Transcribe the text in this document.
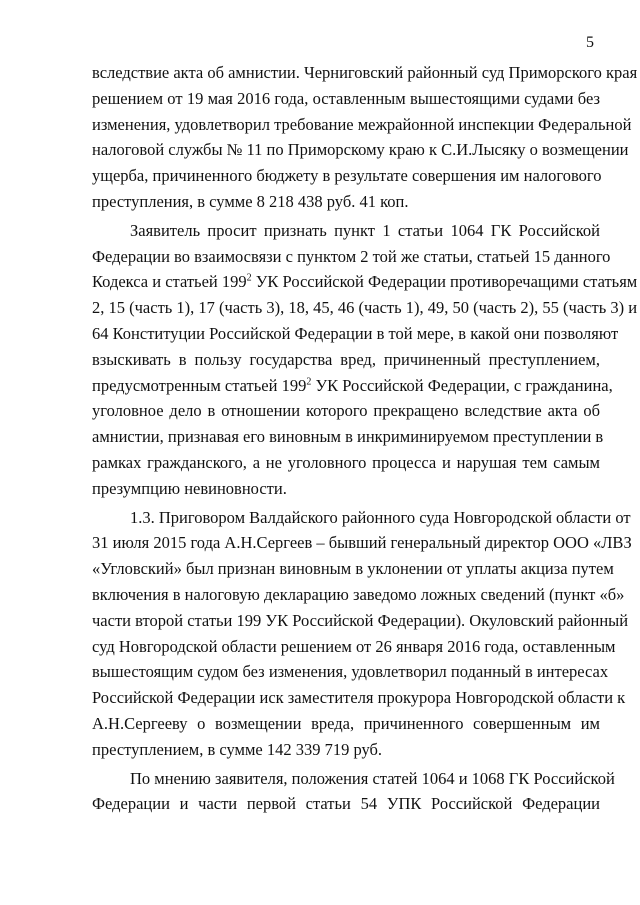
5
вследствие акта об амнистии. Черниговский районный суд Приморского края
решением от 19 мая 2016 года, оставленным вышестоящими судами без
изменения, удовлетворил требование межрайонной инспекции Федеральной
налоговой службы № 11 по Приморскому краю к С.И.Лысяку о возмещении
ущерба, причиненного бюджету в результате совершения им налогового
преступления, в сумме 8 218 438 руб. 41 коп.
Заявитель просит признать пункт 1 статьи 1064 ГК Российской
Федерации во взаимосвязи с пунктом 2 той же статьи, статьей 15 данного
Кодекса и статьей $199^2$ УК Российской Федерации противоречащими статьям
2, 15 (часть 1), 17 (часть 3), 18, 45, 46 (часть 1), 49, 50 (часть 2), 55 (часть 3) и
64 Конституции Российской Федерации в той мере, в какой они позволяют
взыскивать в пользу государства вред, причиненный преступлением,
предусмотренным статьей $199^2$ УК Российской Федерации, с гражданина,
уголовное дело в отношении которого прекращено вследствие акта об
амнистии, признавая его виновным в инкриминируемом преступлении в
рамках гражданского, а не уголовного процесса и нарушая тем самым
презумпцию невиновности.
1.3. Приговором Валдайского районного суда Новгородской области от
31 июля 2015 года А.Н.Сергеев – бывший генеральный директор ООО «ЛВЗ
«Угловский» был признан виновным в уклонении от уплаты акциза путем
включения в налоговую декларацию заведомо ложных сведений (пункт «б»
части второй статьи 199 УК Российской Федерации). Окуловский районный
суд Новгородской области решением от 26 января 2016 года, оставленным
вышестоящим судом без изменения, удовлетворил поданный в интересах
Российской Федерации иск заместителя прокурора Новгородской области к
А.Н.Сергееву о возмещении вреда, причиненного совершенным им
преступлением, в сумме 142 339 719 руб.
По мнению заявителя, положения статей 1064 и 1068 ГК Российской
Федерации и части первой статьи 54 УПК Российской Федерации
